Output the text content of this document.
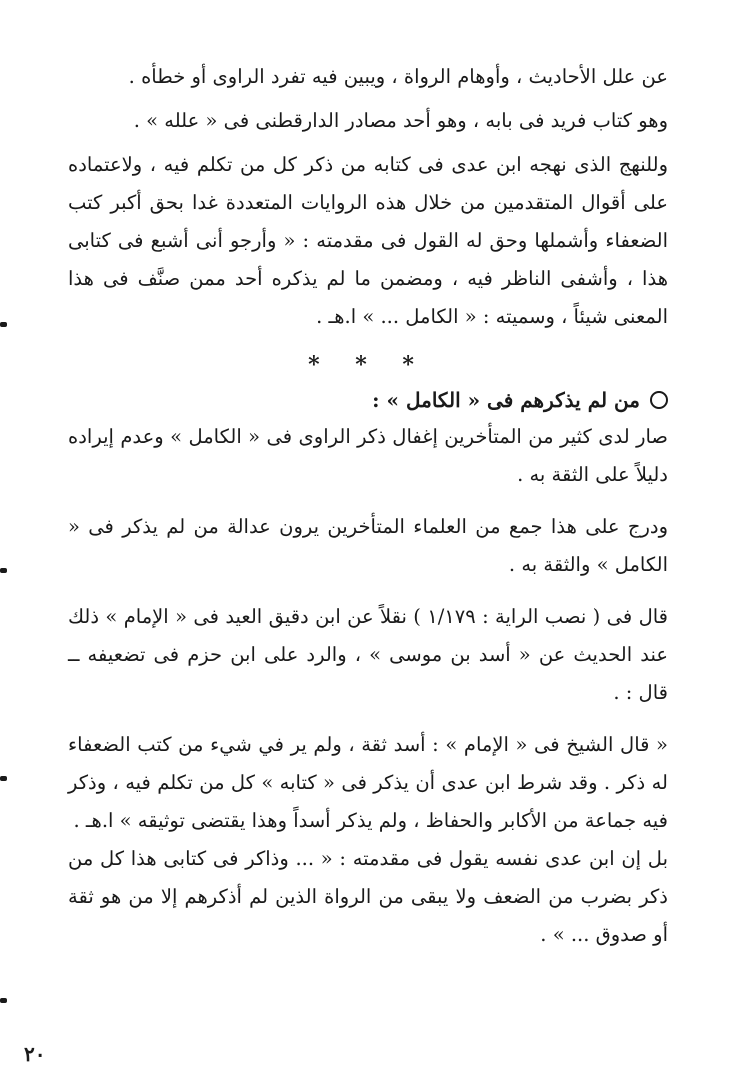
عن علل الأحاديث ، وأوهام الرواة ، ويبين فيه تفرد الراوى أو خطأه .

وهو كتاب فريد فى بابه ، وهو أحد مصادر الدارقطنى فى « علله » .

وللنهج الذى نهجه ابن عدى فى كتابه من ذكر كل من تكلم فيه ، ولاعتماده على أقوال المتقدمين من خلال هذه الروايات المتعددة غدا بحق أكبر كتب الضعفاء وأشملها وحق له القول فى مقدمته : « وأرجو أنى أشبع فى كتابى هذا ، وأشفى الناظر فيه ، ومضمن ما لم يذكره أحد ممن صنَّف فى هذا المعنى شيئاً ، وسميته : « الكامل ... » ا.هـ .

* * *
من لم يذكرهم فى « الكامل » :

صار لدى كثير من المتأخرين إغفال ذكر الراوى فى « الكامل » وعدم إيراده دليلاً على الثقة به .

ودرج على هذا جمع من العلماء المتأخرين يرون عدالة من لم يذكر فى « الكامل » والثقة به .

قال فى ( نصب الراية : ١/١٧٩ ) نقلاً عن ابن دقيق العيد فى « الإمام » ذلك عند الحديث عن « أسد بن موسى » ، والرد على ابن حزم فى تضعيفه ــ قال : .

« قال الشيخ فى « الإمام » : أسد ثقة ، ولم ير في شيء من كتب الضعفاء له ذكر . وقد شرط ابن عدى أن يذكر فى « كتابه » كل من تكلم فيه ، وذكر فيه جماعة من الأكابر والحفاظ ، ولم يذكر أسداً وهذا يقتضى توثيقه » ا.هـ .

بل إن ابن عدى نفسه يقول فى مقدمته : « ... وذاكر فى كتابى هذا كل من ذكر بضرب من الضعف ولا يبقى من الرواة الذين لم أذكرهم إلا من هو ثقة أو صدوق ... » .

٢٠
